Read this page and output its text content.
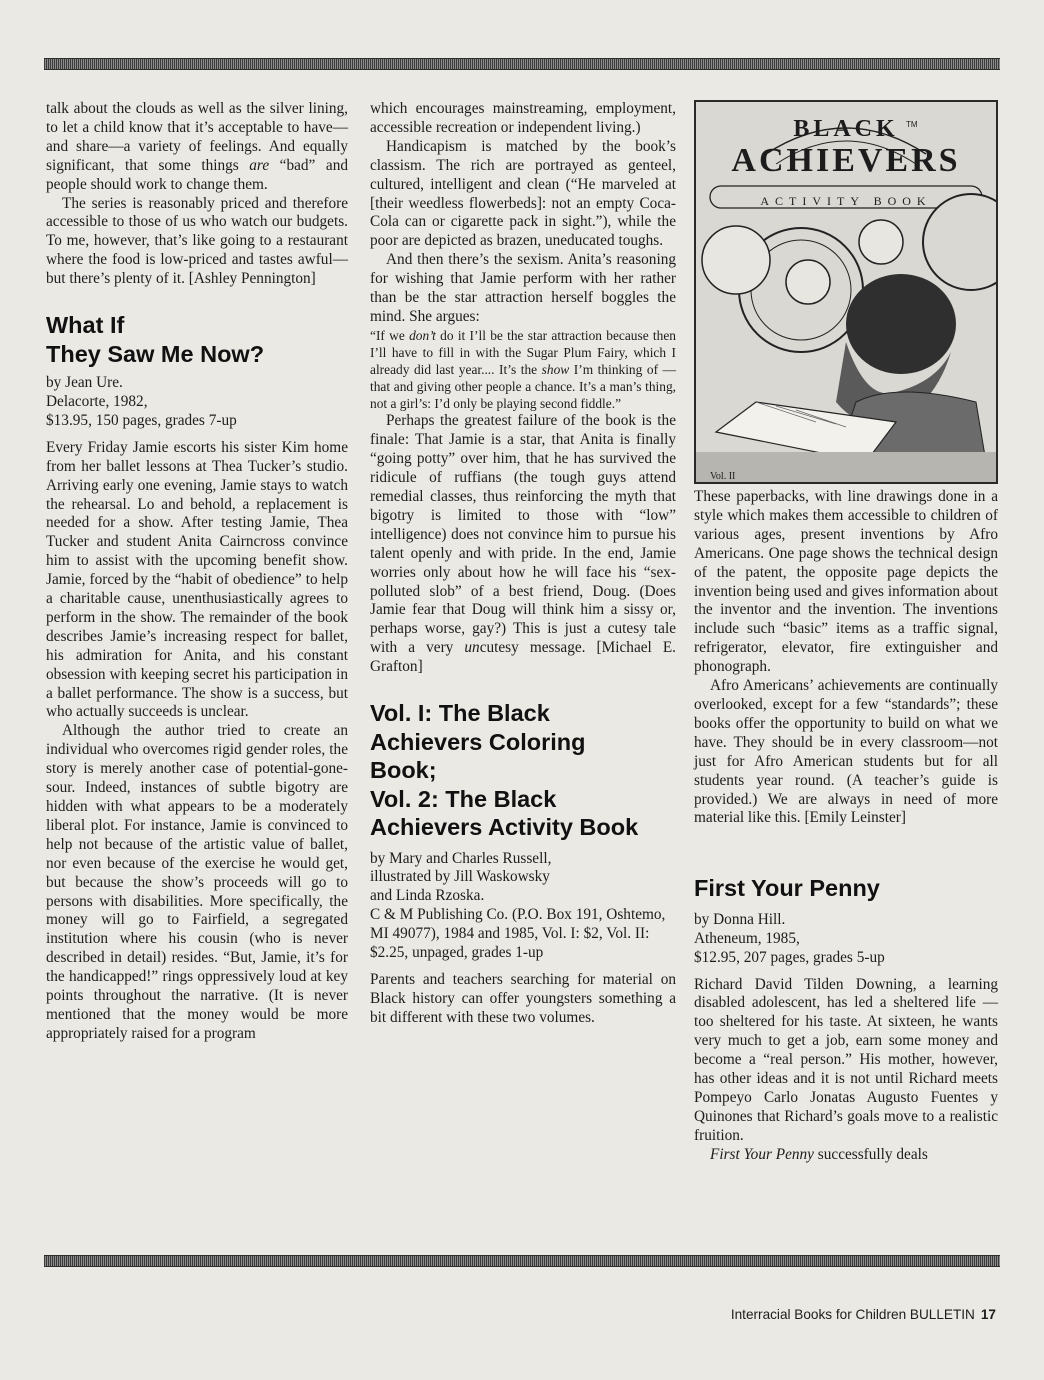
talk about the clouds as well as the silver lining, to let a child know that it’s acceptable to have—and share—a variety of feelings. And equally significant, that some things are “bad” and people should work to change them.

The series is reasonably priced and therefore accessible to those of us who watch our budgets. To me, however, that’s like going to a restaurant where the food is low-priced and tastes awful—but there’s plenty of it. [Ashley Pennington]

What If
They Saw Me Now?

by Jean Ure.

Delacorte, 1982,

$13.95, 150 pages, grades 7-up

Every Friday Jamie escorts his sister Kim home from her ballet lessons at Thea Tucker’s studio. Arriving early one evening, Jamie stays to watch the rehearsal. Lo and behold, a replacement is needed for a show. After testing Jamie, Thea Tucker and student Anita Cairncross convince him to assist with the upcoming benefit show. Jamie, forced by the “habit of obedience” to help a charitable cause, unenthusiastically agrees to perform in the show. The remainder of the book describes Jamie’s increasing respect for ballet, his admiration for Anita, and his constant obsession with keeping secret his participation in a ballet performance. The show is a success, but who actually succeeds is unclear.

Although the author tried to create an individual who overcomes rigid gender roles, the story is merely another case of potential-gone-sour. Indeed, instances of subtle bigotry are hidden with what appears to be a moderately liberal plot. For instance, Jamie is convinced to help not because of the artistic value of ballet, nor even because of the exercise he would get, but because the show’s proceeds will go to persons with disabilities. More specifically, the money will go to Fairfield, a segregated institution where his cousin (who is never described in detail) resides. “But, Jamie, it’s for the handicapped!” rings oppressively loud at key points throughout the narrative. (It is never mentioned that the money would be more appropriately raised for a program

which encourages mainstreaming, employment, accessible recreation or independent living.)

Handicapism is matched by the book’s classism. The rich are portrayed as genteel, cultured, intelligent and clean (“He marveled at [their weedless flowerbeds]: not an empty Coca-Cola can or cigarette pack in sight.”), while the poor are depicted as brazen, uneducated toughs.

And then there’s the sexism. Anita’s reasoning for wishing that Jamie perform with her rather than be the star attraction herself boggles the mind. She argues:

“If we don’t do it I’ll be the star attraction because then I’ll have to fill in with the Sugar Plum Fairy, which I already did last year.... It’s the show I’m thinking of — that and giving other people a chance. It’s a man’s thing, not a girl’s: I’d only be playing second fiddle.”

Perhaps the greatest failure of the book is the finale: That Jamie is a star, that Anita is finally “going potty” over him, that he has survived the ridicule of ruffians (the tough guys attend remedial classes, thus reinforcing the myth that bigotry is limited to those with “low” intelligence) does not convince him to pursue his talent openly and with pride. In the end, Jamie worries only about how he will face his “sex-polluted slob” of a best friend, Doug. (Does Jamie fear that Doug will think him a sissy or, perhaps worse, gay?) This is just a cutesy tale with a very uncutesy message. [Michael E. Grafton]

Vol. I: The Black
Achievers Coloring
Book;
Vol. 2: The Black
Achievers Activity Book

by Mary and Charles Russell,
illustrated by Jill Waskowsky
and Linda Rzoska.

C & M Publishing Co. (P.O. Box 191, Oshtemo, MI 49077), 1984 and 1985, Vol. I: $2, Vol. II: $2.25, unpaged, grades 1-up

Parents and teachers searching for material on Black history can offer youngsters something a bit different with these two volumes.

TM
BLACK
ACHIEVERS
ACTIVITY BOOK
Vol. II

These paperbacks, with line drawings done in a style which makes them accessible to children of various ages, present inventions by Afro Americans. One page shows the technical design of the patent, the opposite page depicts the invention being used and gives information about the inventor and the invention. The inventions include such “basic” items as a traffic signal, refrigerator, elevator, fire extinguisher and phonograph.

Afro Americans’ achievements are continually overlooked, except for a few “standards”; these books offer the opportunity to build on what we have. They should be in every classroom—not just for Afro American students but for all students year round. (A teacher’s guide is provided.) We are always in need of more material like this. [Emily Leinster]

First Your Penny

by Donna Hill.

Atheneum, 1985,

$12.95, 207 pages, grades 5-up

Richard David Tilden Downing, a learning disabled adolescent, has led a sheltered life — too sheltered for his taste. At sixteen, he wants very much to get a job, earn some money and become a “real person.” His mother, however, has other ideas and it is not until Richard meets Pompeyo Carlo Jonatas Augusto Fuentes y Quinones that Richard’s goals move to a realistic fruition.

First Your Penny successfully deals

Interracial Books for Children BULLETIN 17
